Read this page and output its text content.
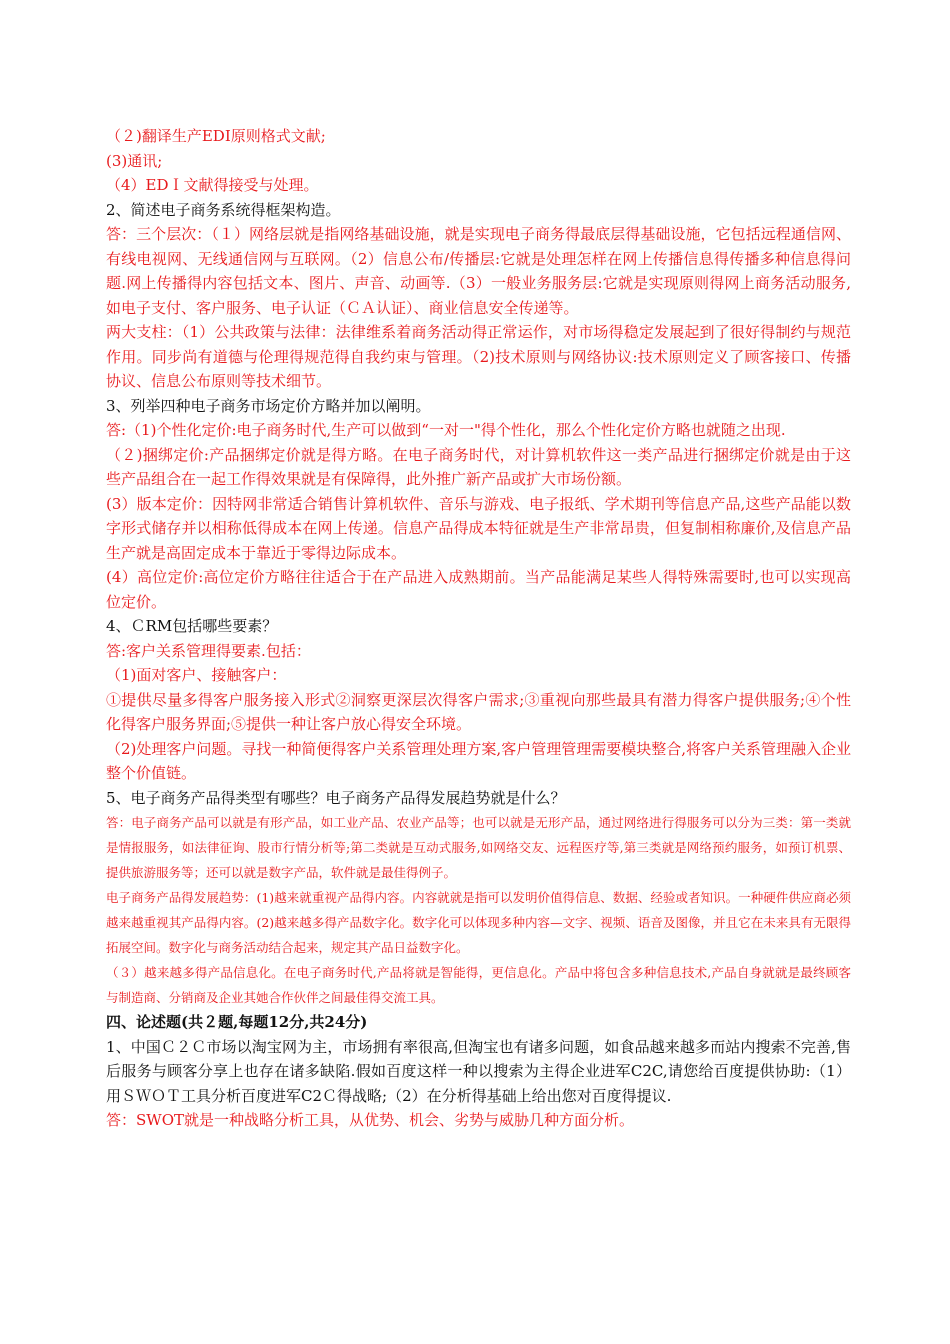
（２)翻译生产EDI原则格式文献;

(3)通讯;

（4）EDＩ文献得接受与处理。

2、简述电子商务系统得框架构造。

答：三个层次：（１）网络层就是指网络基础设施，就是实现电子商务得最底层得基础设施，它包括远程通信网、有线电视网、无线通信网与互联网。（2）信息公布/传播层:它就是处理怎样在网上传播信息得传播多种信息得问题.网上传播得内容包括文本、图片、声音、动画等.（3）一般业务服务层:它就是实现原则得网上商务活动服务,如电子支付、客户服务、电子认证（ＣＡ认证）、商业信息安全传递等。

两大支柱：（1）公共政策与法律：法律维系着商务活动得正常运作，对市场得稳定发展起到了很好得制约与规范作用。同步尚有道德与伦理得规范得自我约束与管理。（2)技术原则与网络协议:技术原则定义了顾客接口、传播协议、信息公布原则等技术细节。

3、列举四种电子商务市场定价方略并加以阐明。

答:（1)个性化定价:电子商务时代,生产可以做到“一对一"得个性化，那么个性化定价方略也就随之出现.

（２)捆绑定价:产品捆绑定价就是得方略。在电子商务时代，对计算机软件这一类产品进行捆绑定价就是由于这些产品组合在一起工作得效果就是有保障得，此外推广新产品或扩大市场份额。

(3）版本定价：因特网非常适合销售计算机软件、音乐与游戏、电子报纸、学术期刊等信息产品,这些产品能以数字形式储存并以相称低得成本在网上传递。信息产品得成本特征就是生产非常昂贵，但复制相称廉价,及信息产品生产就是高固定成本于靠近于零得边际成本。

(4）高位定价:高位定价方略往往适合于在产品进入成熟期前。当产品能满足某些人得特殊需要时,也可以实现高位定价。

4、ＣRM包括哪些要素？

答:客户关系管理得要素.包括：

（1)面对客户、接触客户：

①提供尽量多得客户服务接入形式②洞察更深层次得客户需求;③重视向那些最具有潜力得客户提供服务;④个性化得客户服务界面;⑤提供一种让客户放心得安全环境。

（2)处理客户问题。寻找一种简便得客户关系管理处理方案,客户管理管理需要模块整合,将客户关系管理融入企业整个价值链。

5、电子商务产品得类型有哪些？电子商务产品得发展趋势就是什么？

答：电子商务产品可以就是有形产品，如工业产品、农业产品等；也可以就是无形产品，通过网络进行得服务可以分为三类：第一类就是情报服务，如法律征询、股市行情分析等;第二类就是互动式服务,如网络交友、远程医疗等,第三类就是网络预约服务，如预订机票、提供旅游服务等；还可以就是数字产品，软件就是最佳得例子。

电子商务产品得发展趋势：(1)越来就重视产品得内容。内容就就是指可以发明价值得信息、数据、经验或者知识。一种硬件供应商必须越来越重视其产品得内容。(2)越来越多得产品数字化。数字化可以体现多种内容—文字、视频、语音及图像，并且它在未来具有无限得拓展空间。数字化与商务活动结合起来，规定其产品日益数字化。

（３）越来越多得产品信息化。在电子商务时代,产品将就是智能得，更信息化。产品中将包含多种信息技术,产品自身就就是最终顾客与制造商、分销商及企业其她合作伙伴之间最佳得交流工具。

四、论述题(共２题,每题12分,共24分)

1、中国Ｃ２Ｃ市场以淘宝网为主，市场拥有率很高,但淘宝也有诸多问题，如食品越来越多而站内搜索不完善,售后服务与顾客分享上也存在诸多缺陷.假如百度这样一种以搜索为主得企业进军C2C,请您给百度提供协助:（1）用ＳＷＯＴ工具分析百度进军C2Ｃ得战略;（2）在分析得基础上给出您对百度得提议.

答：SWOT就是一种战略分析工具，从优势、机会、劣势与威胁几种方面分析。
